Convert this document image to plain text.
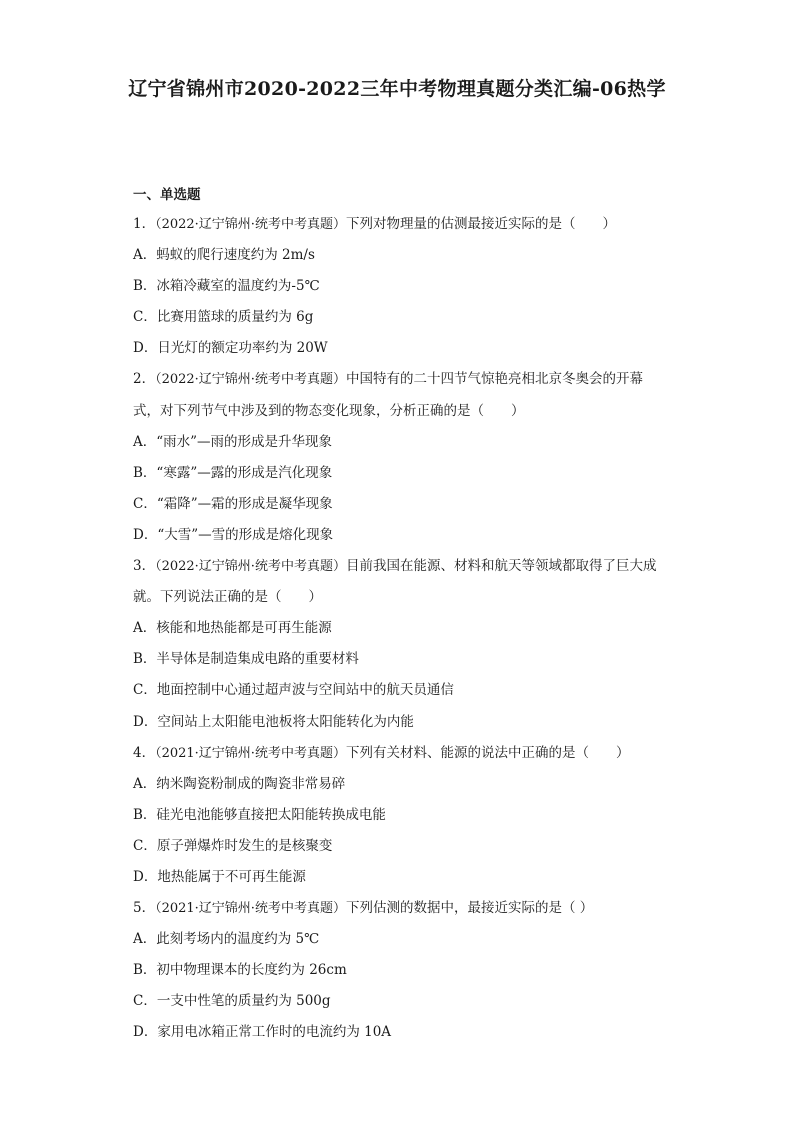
辽宁省锦州市2020-2022三年中考物理真题分类汇编-06热学
一、单选题
1．（2022·辽宁锦州·统考中考真题）下列对物理量的估测最接近实际的是（　　）
A．蚂蚁的爬行速度约为 2m/s
B．冰箱冷藏室的温度约为-5℃
C．比赛用篮球的质量约为 6g
D．日光灯的额定功率约为 20W
2．（2022·辽宁锦州·统考中考真题）中国特有的二十四节气惊艳亮相北京冬奥会的开幕式，对下列节气中涉及到的物态变化现象，分析正确的是（　　）
A．“雨水”—雨的形成是升华现象
B．“寒露”—露的形成是汽化现象
C．“霜降”—霜的形成是凝华现象
D．“大雪”—雪的形成是熔化现象
3．（2022·辽宁锦州·统考中考真题）目前我国在能源、材料和航天等领域都取得了巨大成就。下列说法正确的是（　　）
A．核能和地热能都是可再生能源
B．半导体是制造集成电路的重要材料
C．地面控制中心通过超声波与空间站中的航天员通信
D．空间站上太阳能电池板将太阳能转化为内能
4．（2021·辽宁锦州·统考中考真题）下列有关材料、能源的说法中正确的是（　　）
A．纳米陶瓷粉制成的陶瓷非常易碎
B．硅光电池能够直接把太阳能转换成电能
C．原子弹爆炸时发生的是核聚变
D．地热能属于不可再生能源
5．（2021·辽宁锦州·统考中考真题）下列估测的数据中，最接近实际的是（ ）
A．此刻考场内的温度约为 5℃
B．初中物理课本的长度约为 26cm
C．一支中性笔的质量约为 500g
D．家用电冰箱正常工作时的电流约为 10A
